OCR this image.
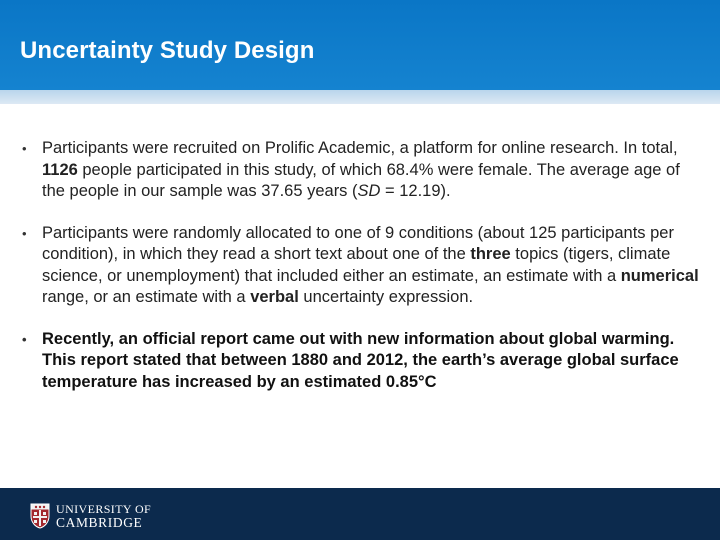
Uncertainty Study Design
• Participants were recruited on Prolific Academic, a platform for online research. In total, 1126 people participated in this study, of which 68.4% were female. The average age of the people in our sample was 37.65 years (SD = 12.19).
• Participants were randomly allocated to one of 9 conditions (about 125 participants per condition), in which they read a short text about one of the three topics (tigers, climate science, or unemployment) that included either an estimate, an estimate with a numerical range, or an estimate with a verbal uncertainty expression.
• Recently, an official report came out with new information about global warming. This report stated that between 1880 and 2012, the earth’s average global surface temperature has increased by an estimated 0.85°C
UNIVERSITY OF
CAMBRIDGE
